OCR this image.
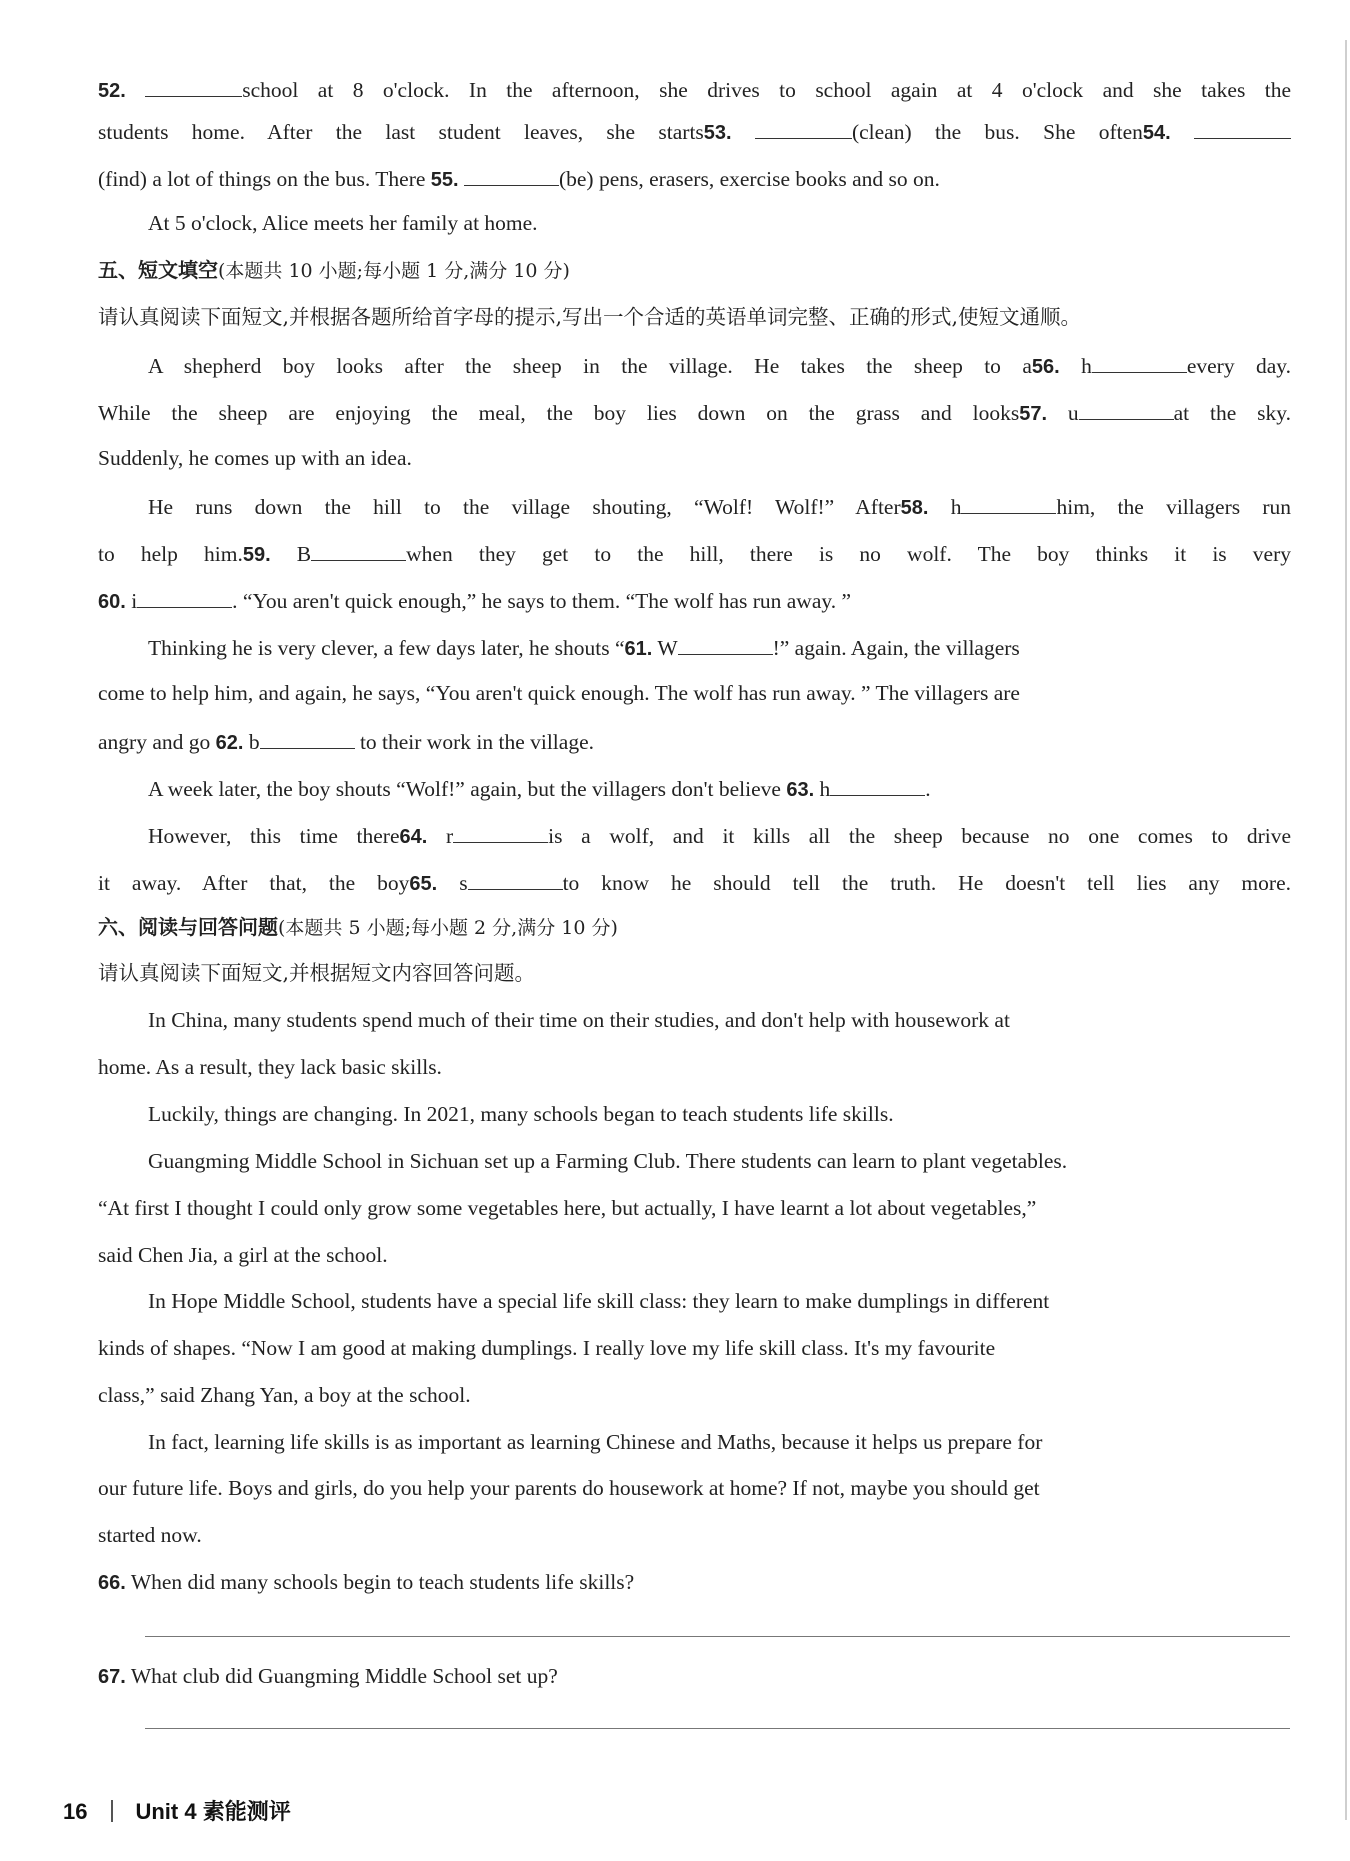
52.	school at 8 o'clock. In the afternoon, she drives to school again at 4 o'clock and she takes the
students home. After the last student leaves, she starts53.	(clean) the bus. She often54.
(find) a lot of things on the bus. There 55.	(be) pens, erasers, exercise books and so on.
At 5 o'clock, Alice meets her family at home.
五、短文填空(本题共 10 小题;每小题 1 分,满分 10 分)
请认真阅读下面短文,并根据各题所给首字母的提示,写出一个合适的英语单词完整、正确的形式,使短文通顺。
A shepherd boy looks after the sheep in the village. He takes the sheep to a56. h	every day.
While the sheep are enjoying the meal, the boy lies down on the grass and looks57. u	at the sky.
Suddenly, he comes up with an idea.
He runs down the hill to the village shouting, “Wolf! Wolf!” After58. h	him, the villagers run
to help him.59. B	when they get to the hill, there is no wolf. The boy thinks it is very
60. i	. “You aren't quick enough,” he says to them. “The wolf has run away. ”
Thinking he is very clever, a few days later, he shouts “61. W	!” again. Again, the villagers
come to help him, and again, he says, “You aren't quick enough. The wolf has run away. ” The villagers are
angry and go 62. b	to their work in the village.
A week later, the boy shouts “Wolf!” again, but the villagers don't believe 63. h	.
However, this time there64. r	is a wolf, and it kills all the sheep because no one comes to drive
it away. After that, the boy65. s	to know he should tell the truth. He doesn't tell lies any more.
六、阅读与回答问题(本题共 5 小题;每小题 2 分,满分 10 分)
请认真阅读下面短文,并根据短文内容回答问题。
In China, many students spend much of their time on their studies, and don't help with housework at
home. As a result, they lack basic skills.
Luckily, things are changing. In 2021, many schools began to teach students life skills.
Guangming Middle School in Sichuan set up a Farming Club. There students can learn to plant vegetables.
“At first I thought I could only grow some vegetables here, but actually, I have learnt a lot about vegetables,”
said Chen Jia, a girl at the school.
In Hope Middle School, students have a special life skill class: they learn to make dumplings in different
kinds of shapes. “Now I am good at making dumplings. I really love my life skill class. It's my favourite
class,” said Zhang Yan, a boy at the school.
In fact, learning life skills is as important as learning Chinese and Maths, because it helps us prepare for
our future life. Boys and girls, do you help your parents do housework at home? If not, maybe you should get
started now.
66. When did many schools begin to teach students life skills?
67. What club did Guangming Middle School set up?
16 Unit 4 素能测评
